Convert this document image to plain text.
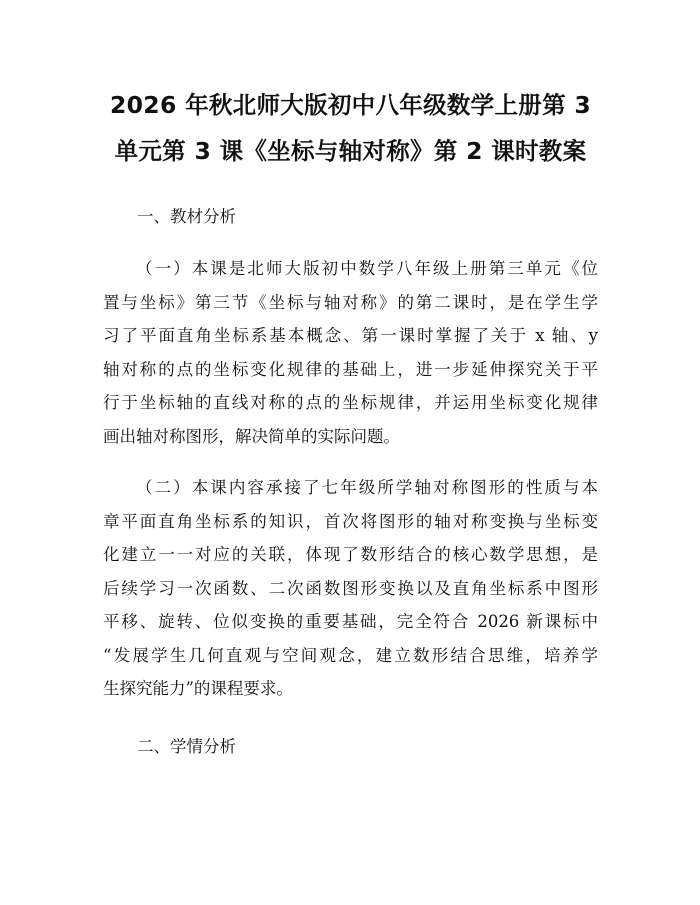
2026 年秋北师大版初中八年级数学上册第 3
单元第 3 课《坐标与轴对称》第 2 课时教案
一、教材分析
（一）本课是北师大版初中数学八年级上册第三单元《位
置与坐标》第三节《坐标与轴对称》的第二课时，是在学生学
习了平面直角坐标系基本概念、第一课时掌握了关于 x 轴、y
轴对称的点的坐标变化规律的基础上，进一步延伸探究关于平
行于坐标轴的直线对称的点的坐标规律，并运用坐标变化规律
画出轴对称图形，解决简单的实际问题。
（二）本课内容承接了七年级所学轴对称图形的性质与本
章平面直角坐标系的知识，首次将图形的轴对称变换与坐标变
化建立一一对应的关联，体现了数形结合的核心数学思想，是
后续学习一次函数、二次函数图形变换以及直角坐标系中图形
平移、旋转、位似变换的重要基础，完全符合 2026 新课标中
“发展学生几何直观与空间观念，建立数形结合思维，培养学
生探究能力”的课程要求。
二、学情分析
